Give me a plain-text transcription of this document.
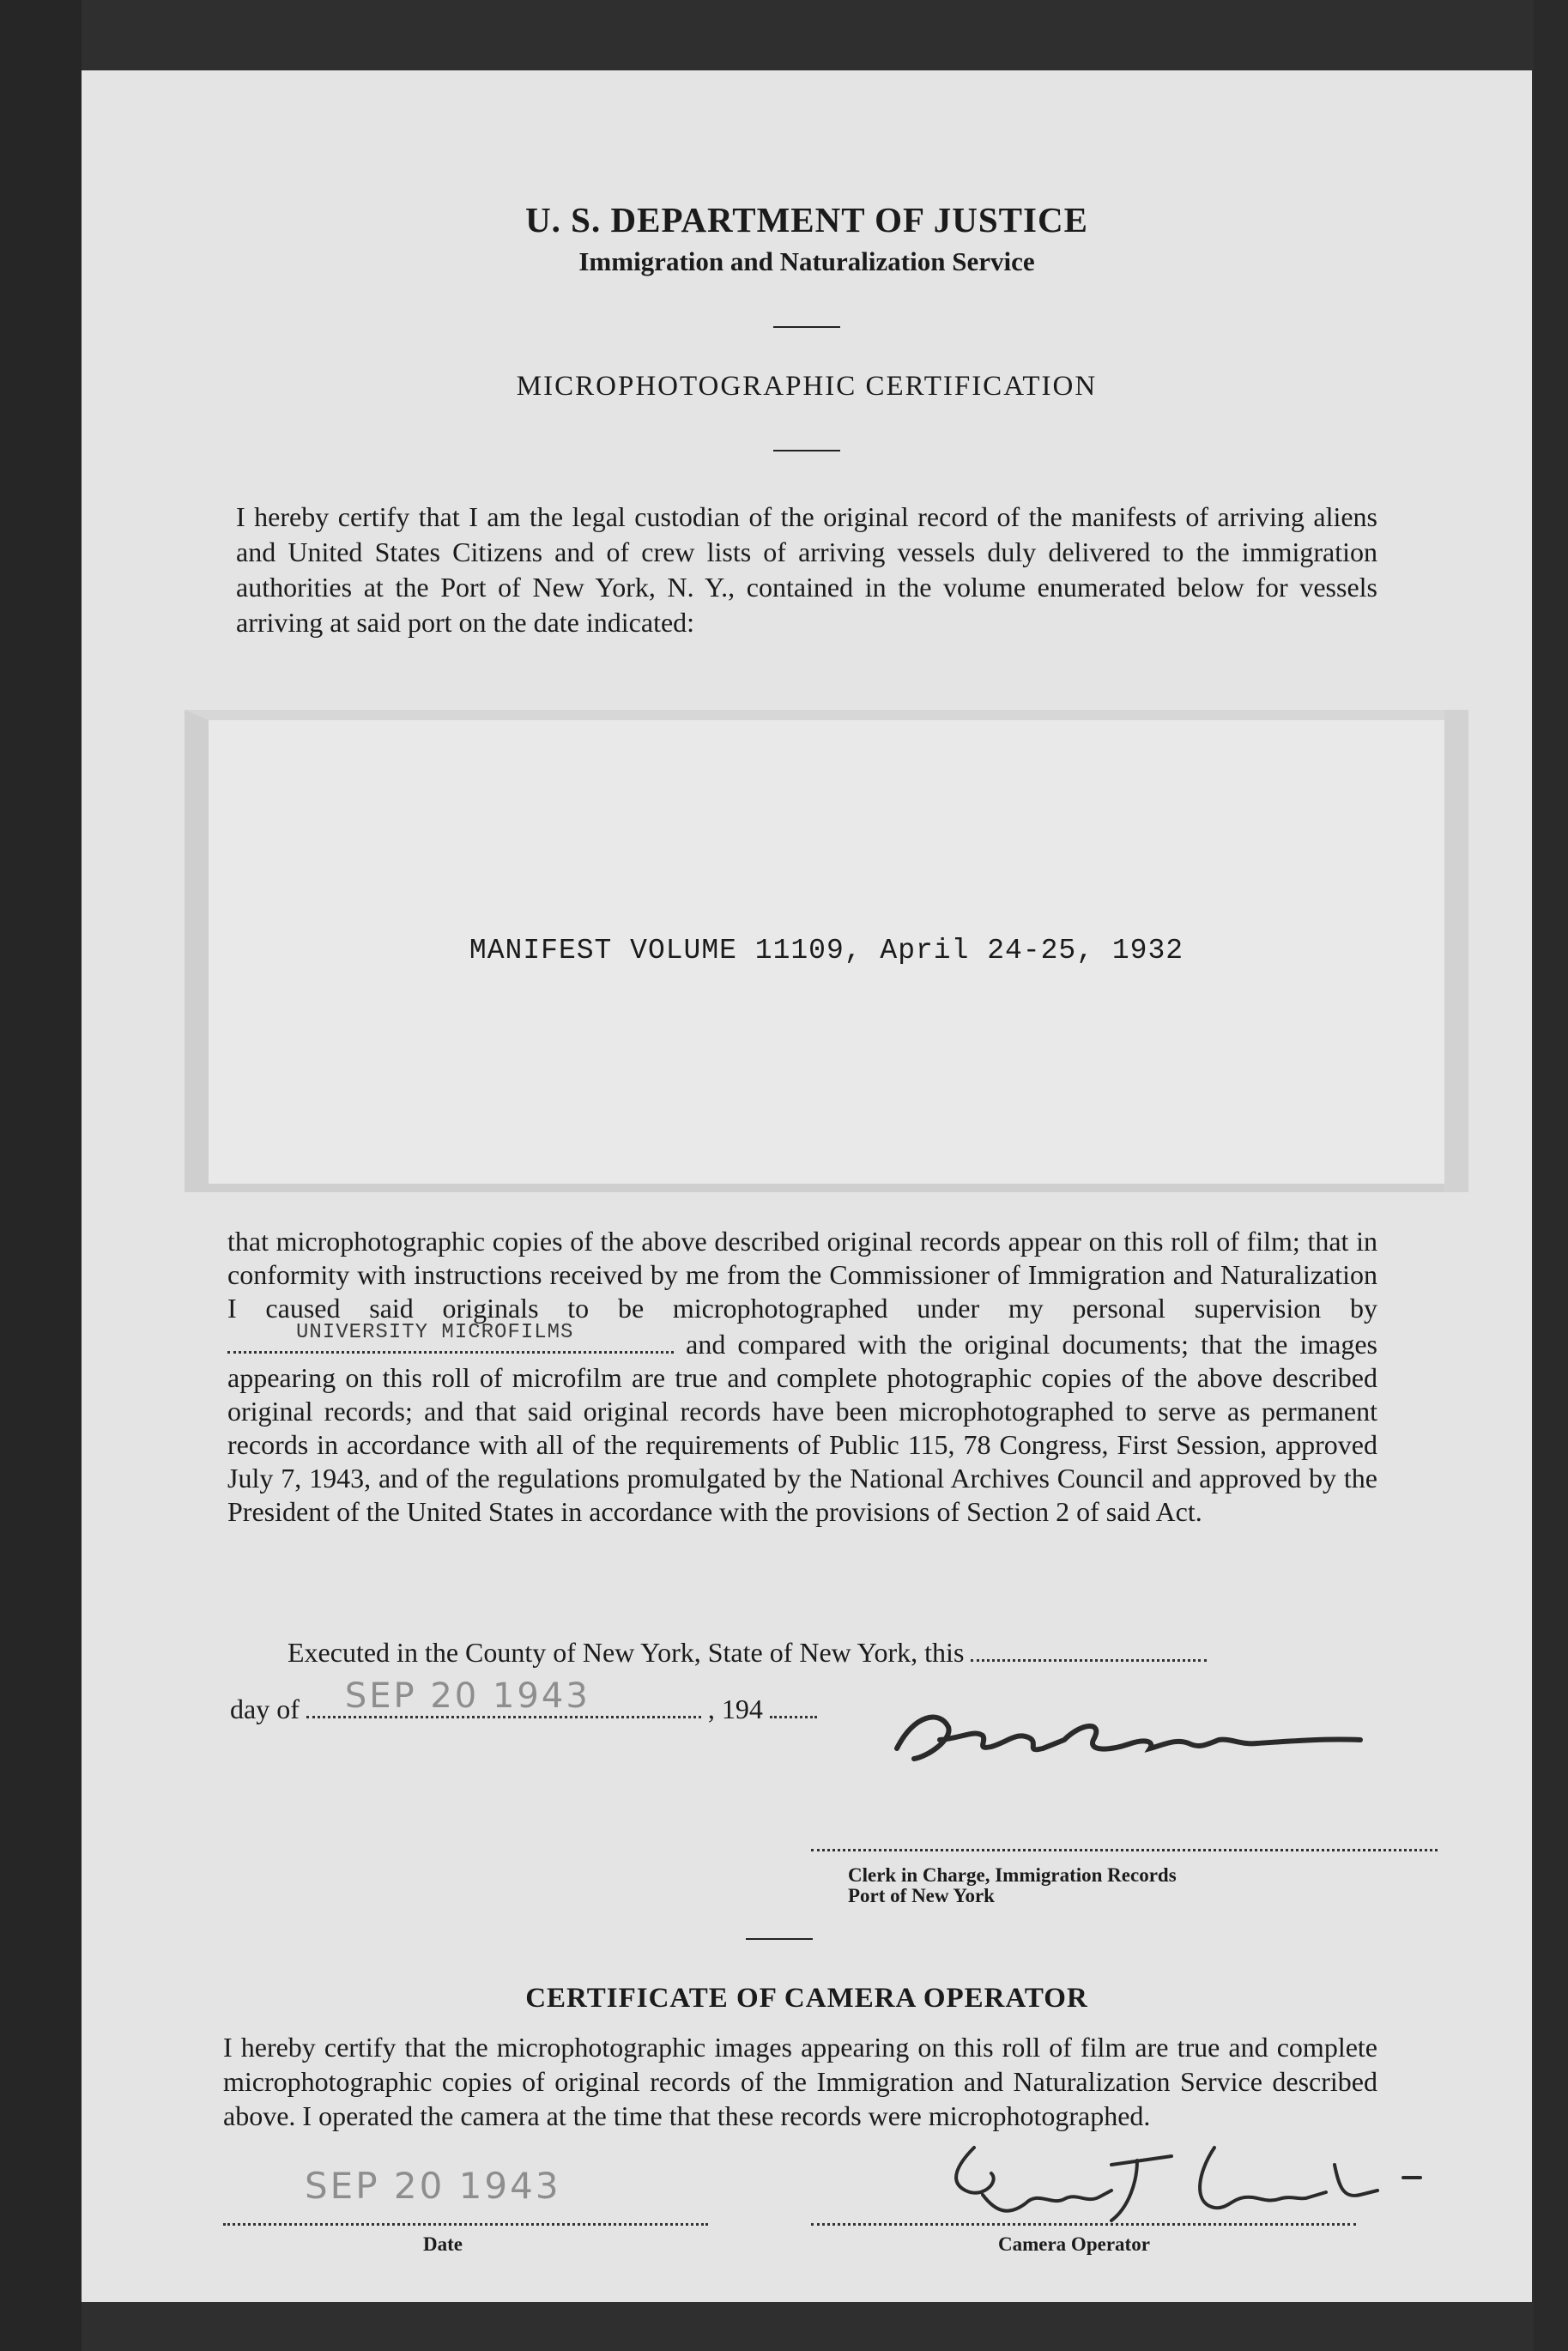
U. S. DEPARTMENT OF JUSTICE
Immigration and Naturalization Service
MICROPHOTOGRAPHIC CERTIFICATION
I hereby certify that I am the legal custodian of the original record of the manifests of arriving aliens and United States Citizens and of crew lists of arriving vessels duly delivered to the immigration authorities at the Port of New York, N. Y., contained in the volume enumerated below for vessels arriving at said port on the date indicated:
MANIFEST VOLUME 11109, April 24-25, 1932
that microphotographic copies of the above described original records appear on this roll of film; that in conformity with instructions received by me from the Commissioner of Immigration and Naturalization I caused said originals to be microphotographed under my personal supervision by
UNIVERSITY MICROFILMS	and compared with the original documents; that the images appearing on this roll of microfilm are true and complete photographic copies of the above described original records; and that said original records have been microphotographed to serve as permanent records in accordance with all of the requirements of Public 115, 78 Congress, First Session, approved July 7, 1943, and of the regulations promulgated by the National Archives Council and approved by the President of the United States in accordance with the provisions of Section 2 of said Act.
Executed in the County of New York, State of New York, this
day of SEP 20 1943	, 194
Clerk in Charge, Immigration Records
Port of New York
CERTIFICATE OF CAMERA OPERATOR
I hereby certify that the microphotographic images appearing on this roll of film are true and complete microphotographic copies of original records of the Immigration and Naturalization Service described above. I operated the camera at the time that these records were microphotographed.
SEP 20 1943
Date	Camera Operator
